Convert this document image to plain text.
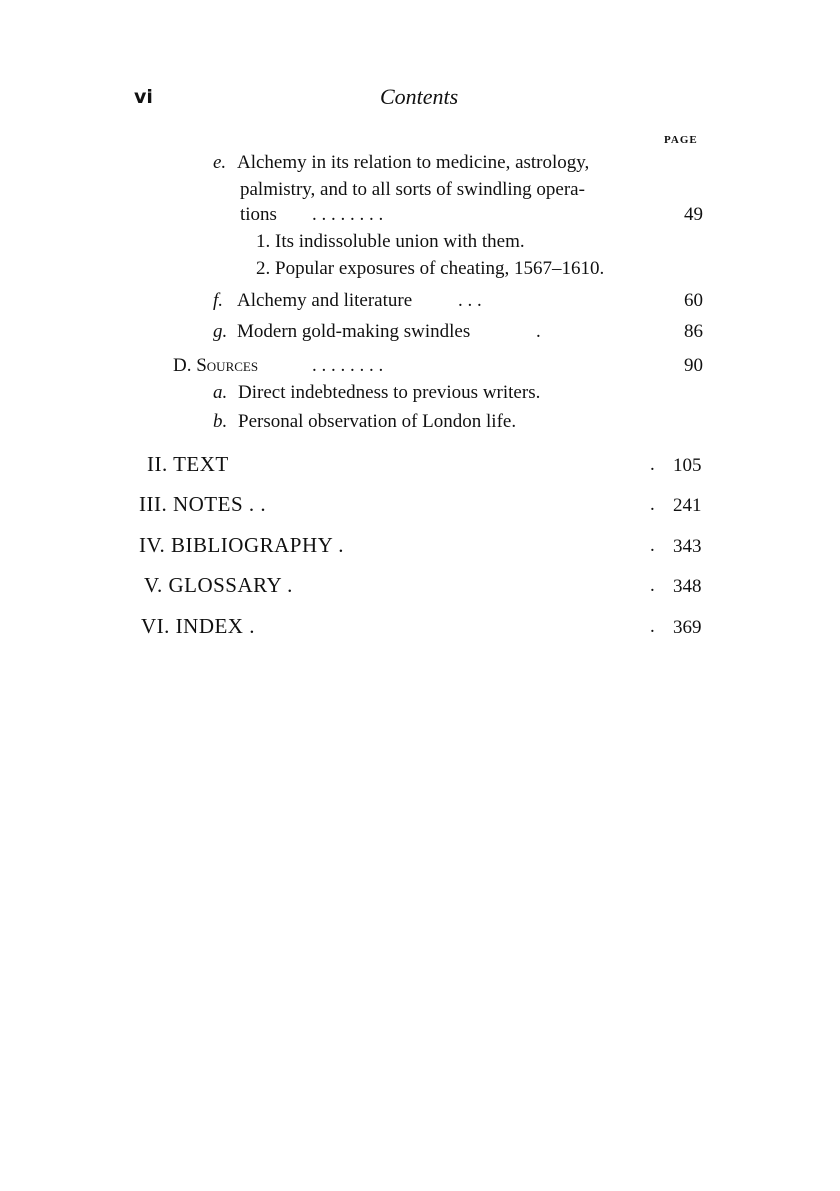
vi	Contents
PAGE
e. Alchemy in its relation to medicine, astrology,
palmistry, and to all sorts of swindling opera-
tions . . . . . . . .	49
1. Its indissoluble union with them.
2. Popular exposures of cheating, 1567–1610.
f. Alchemy and literature . . .	60
g. Modern gold-making swindles	.	86
D. Sources	. . . . . . . .	90
a. Direct indebtedness to previous writers.
b. Personal observation of London life.
II. TEXT	. 105
III. NOTES . .	. 241
IV. BIBLIOGRAPHY .	. 343
V. GLOSSARY .	. 348
VI. INDEX .	. 369
